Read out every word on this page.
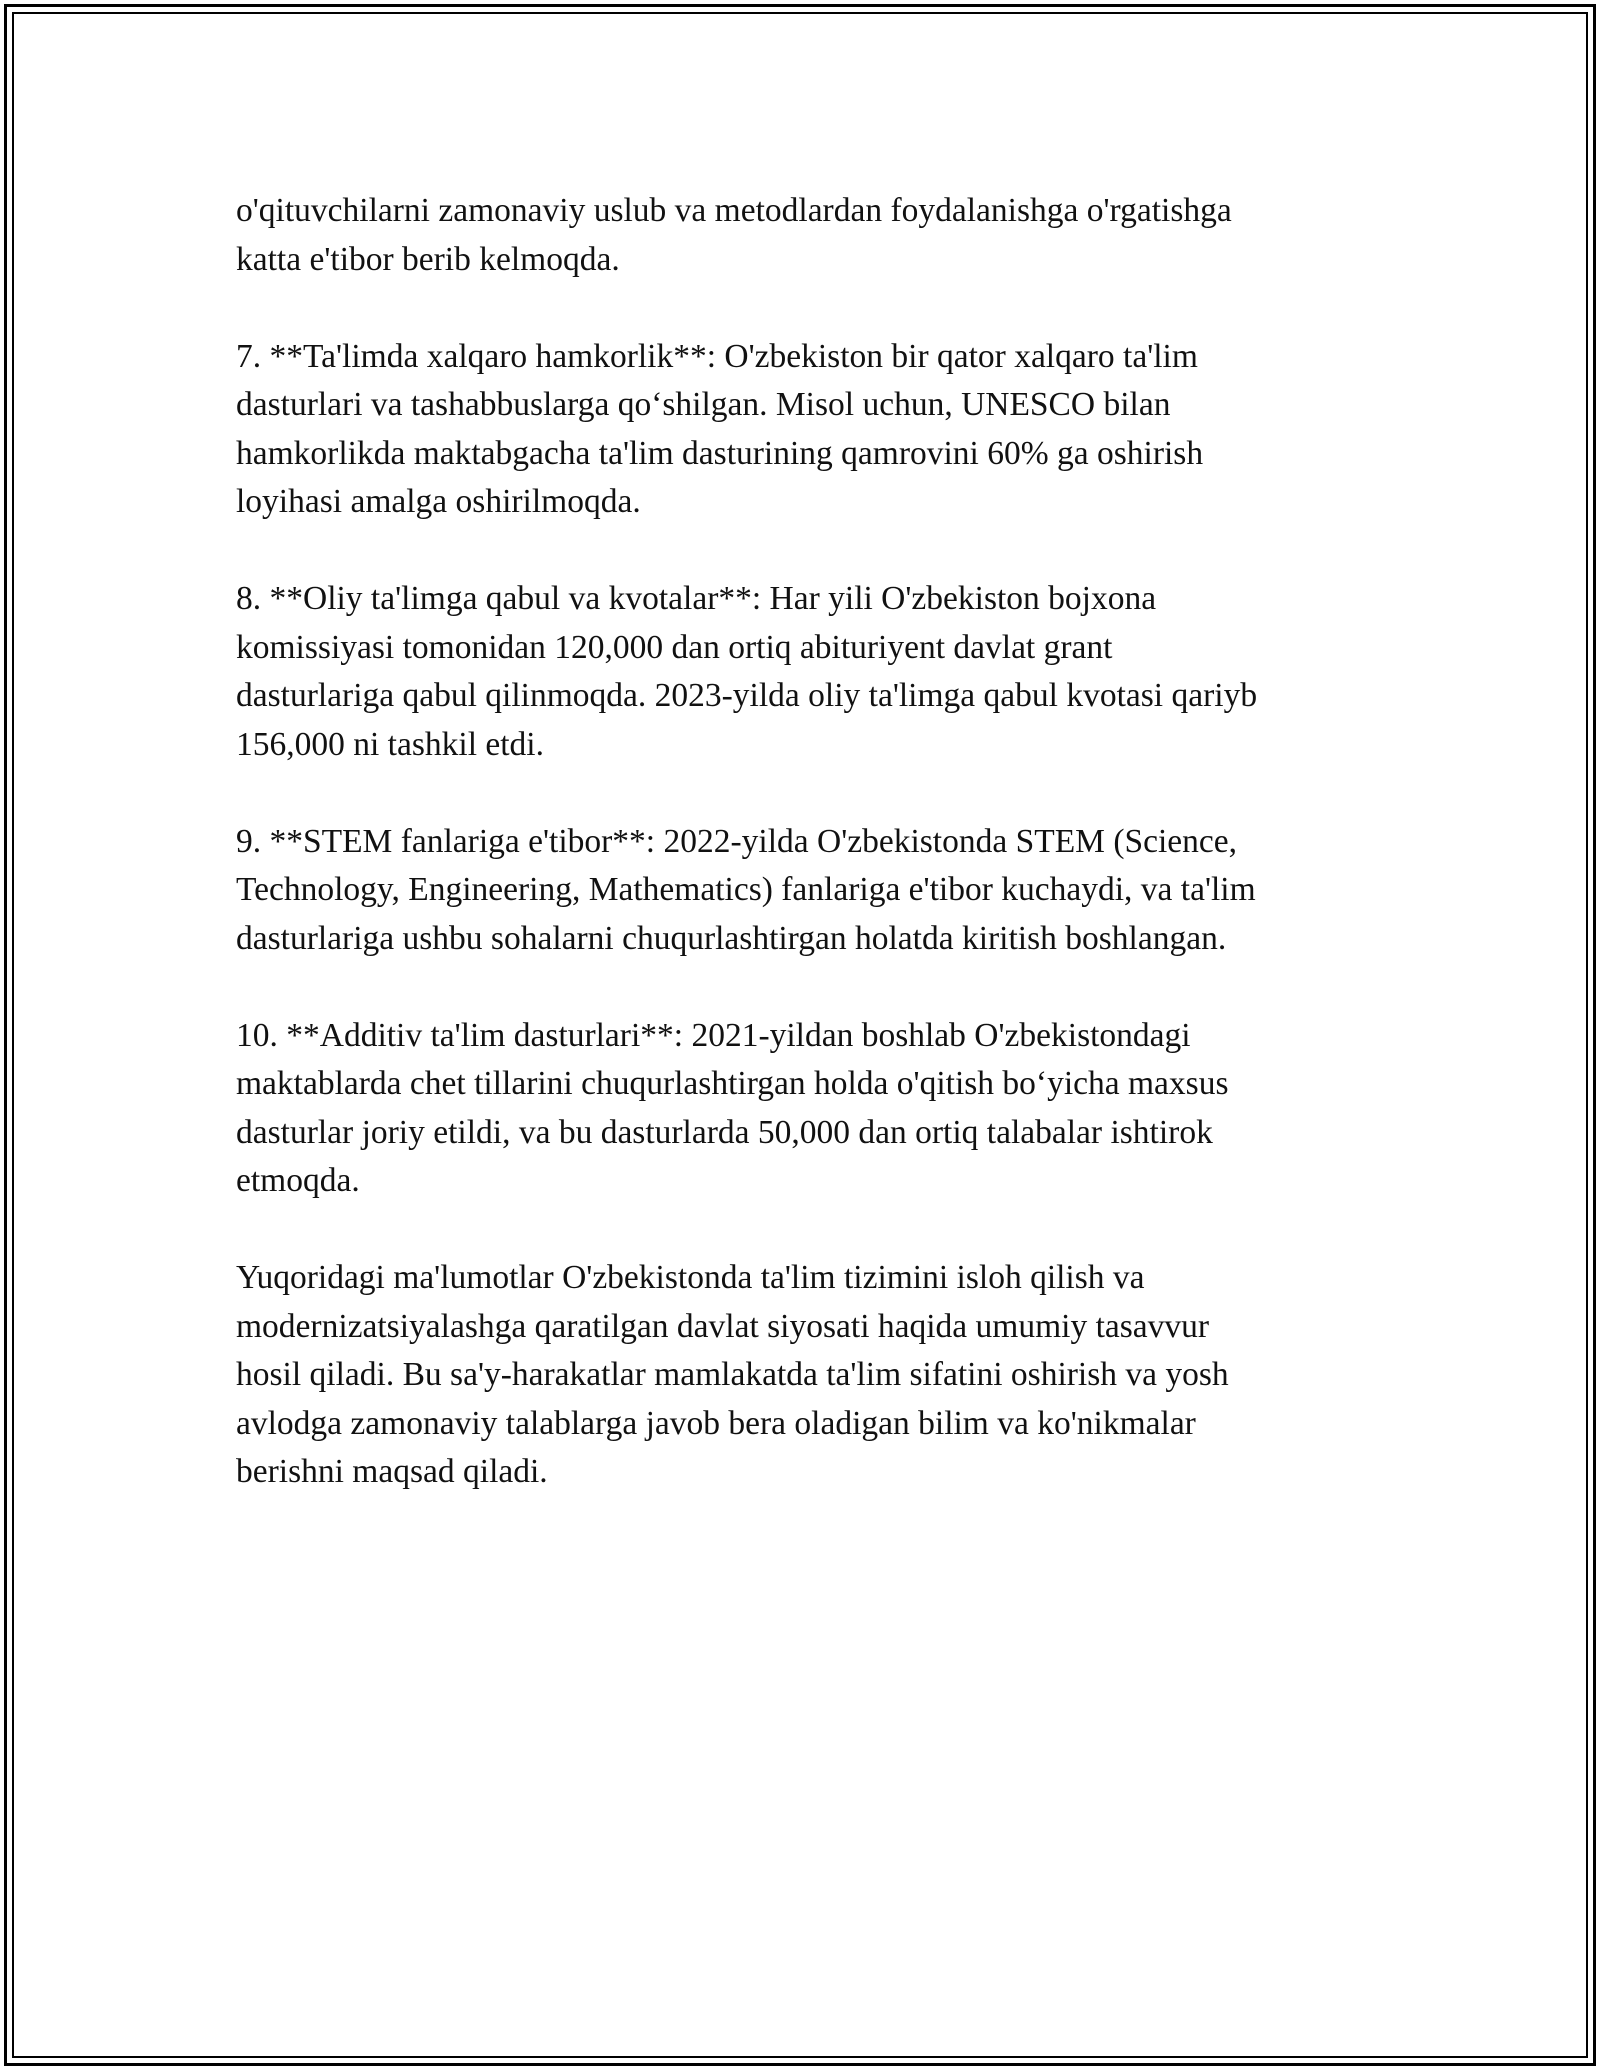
o'qituvchilarni zamonaviy uslub va metodlardan foydalanishga o'rgatishga
katta e'tibor berib kelmoqda.

7. **Ta'limda xalqaro hamkorlik**: O'zbekiston bir qator xalqaro ta'lim
dasturlari va tashabbuslarga qo‘shilgan. Misol uchun, UNESCO bilan
hamkorlikda maktabgacha ta'lim dasturining qamrovini 60% ga oshirish
loyihasi amalga oshirilmoqda.

8. **Oliy ta'limga qabul va kvotalar**: Har yili O'zbekiston bojxona
komissiyasi tomonidan 120,000 dan ortiq abituriyent davlat grant
dasturlariga qabul qilinmoqda. 2023-yilda oliy ta'limga qabul kvotasi qariyb
156,000 ni tashkil etdi.

9. **STEM fanlariga e'tibor**: 2022-yilda O'zbekistonda STEM (Science,
Technology, Engineering, Mathematics) fanlariga e'tibor kuchaydi, va ta'lim
dasturlariga ushbu sohalarni chuqurlashtirgan holatda kiritish boshlangan.

10. **Additiv ta'lim dasturlari**: 2021-yildan boshlab O'zbekistondagi
maktablarda chet tillarini chuqurlashtirgan holda o'qitish bo‘yicha maxsus
dasturlar joriy etildi, va bu dasturlarda 50,000 dan ortiq talabalar ishtirok
etmoqda.

Yuqoridagi ma'lumotlar O'zbekistonda ta'lim tizimini isloh qilish va
modernizatsiyalashga qaratilgan davlat siyosati haqida umumiy tasavvur
hosil qiladi. Bu sa'y-harakatlar mamlakatda ta'lim sifatini oshirish va yosh
avlodga zamonaviy talablarga javob bera oladigan bilim va ko'nikmalar
berishni maqsad qiladi.
